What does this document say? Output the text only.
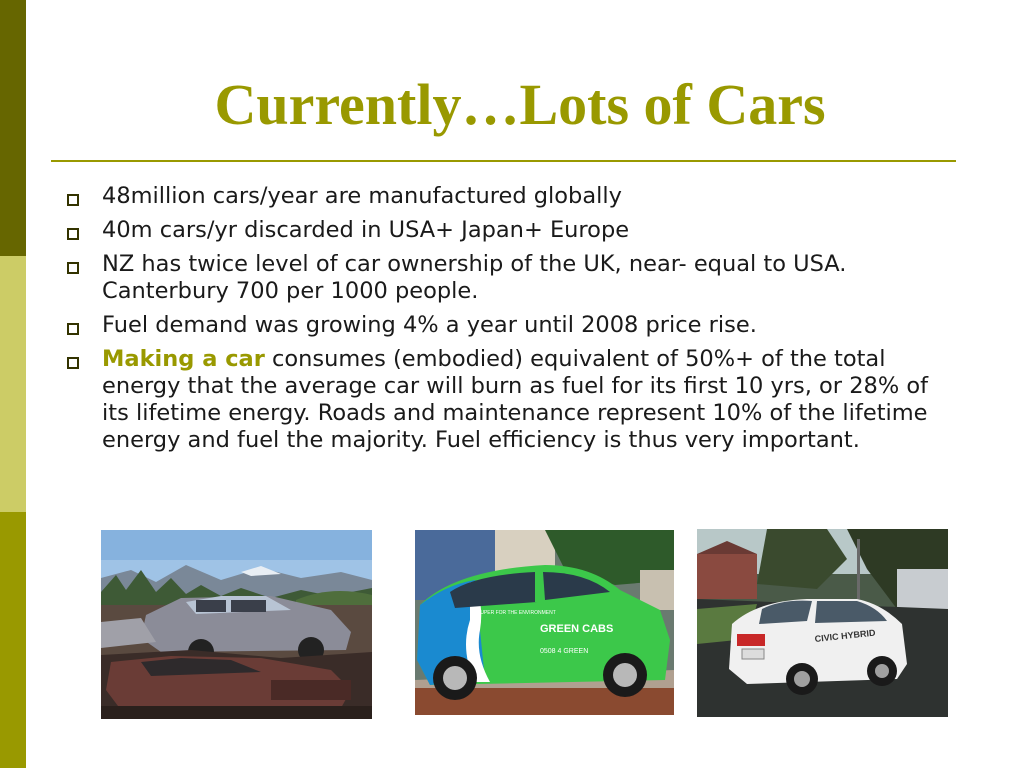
Currently…Lots of Cars
48million cars/year are manufactured globally
40m cars/yr discarded in USA+ Japan+ Europe
NZ has twice level of car ownership of the UK, near- equal to USA. Canterbury 700 per 1000 people.
Fuel demand was growing 4% a year until 2008 price rise.
Making a car consumes (embodied) equivalent of 50%+ of the total energy that the average car will burn as fuel for its first 10 yrs, or 28% of its lifetime energy. Roads and maintenance represent 10% of the lifetime energy and fuel the majority. Fuel efficiency is thus very important.
GREEN CABS
0508 4 GREEN
SUPER FOR THE ENVIRONMENT
CIVIC HYBRID
